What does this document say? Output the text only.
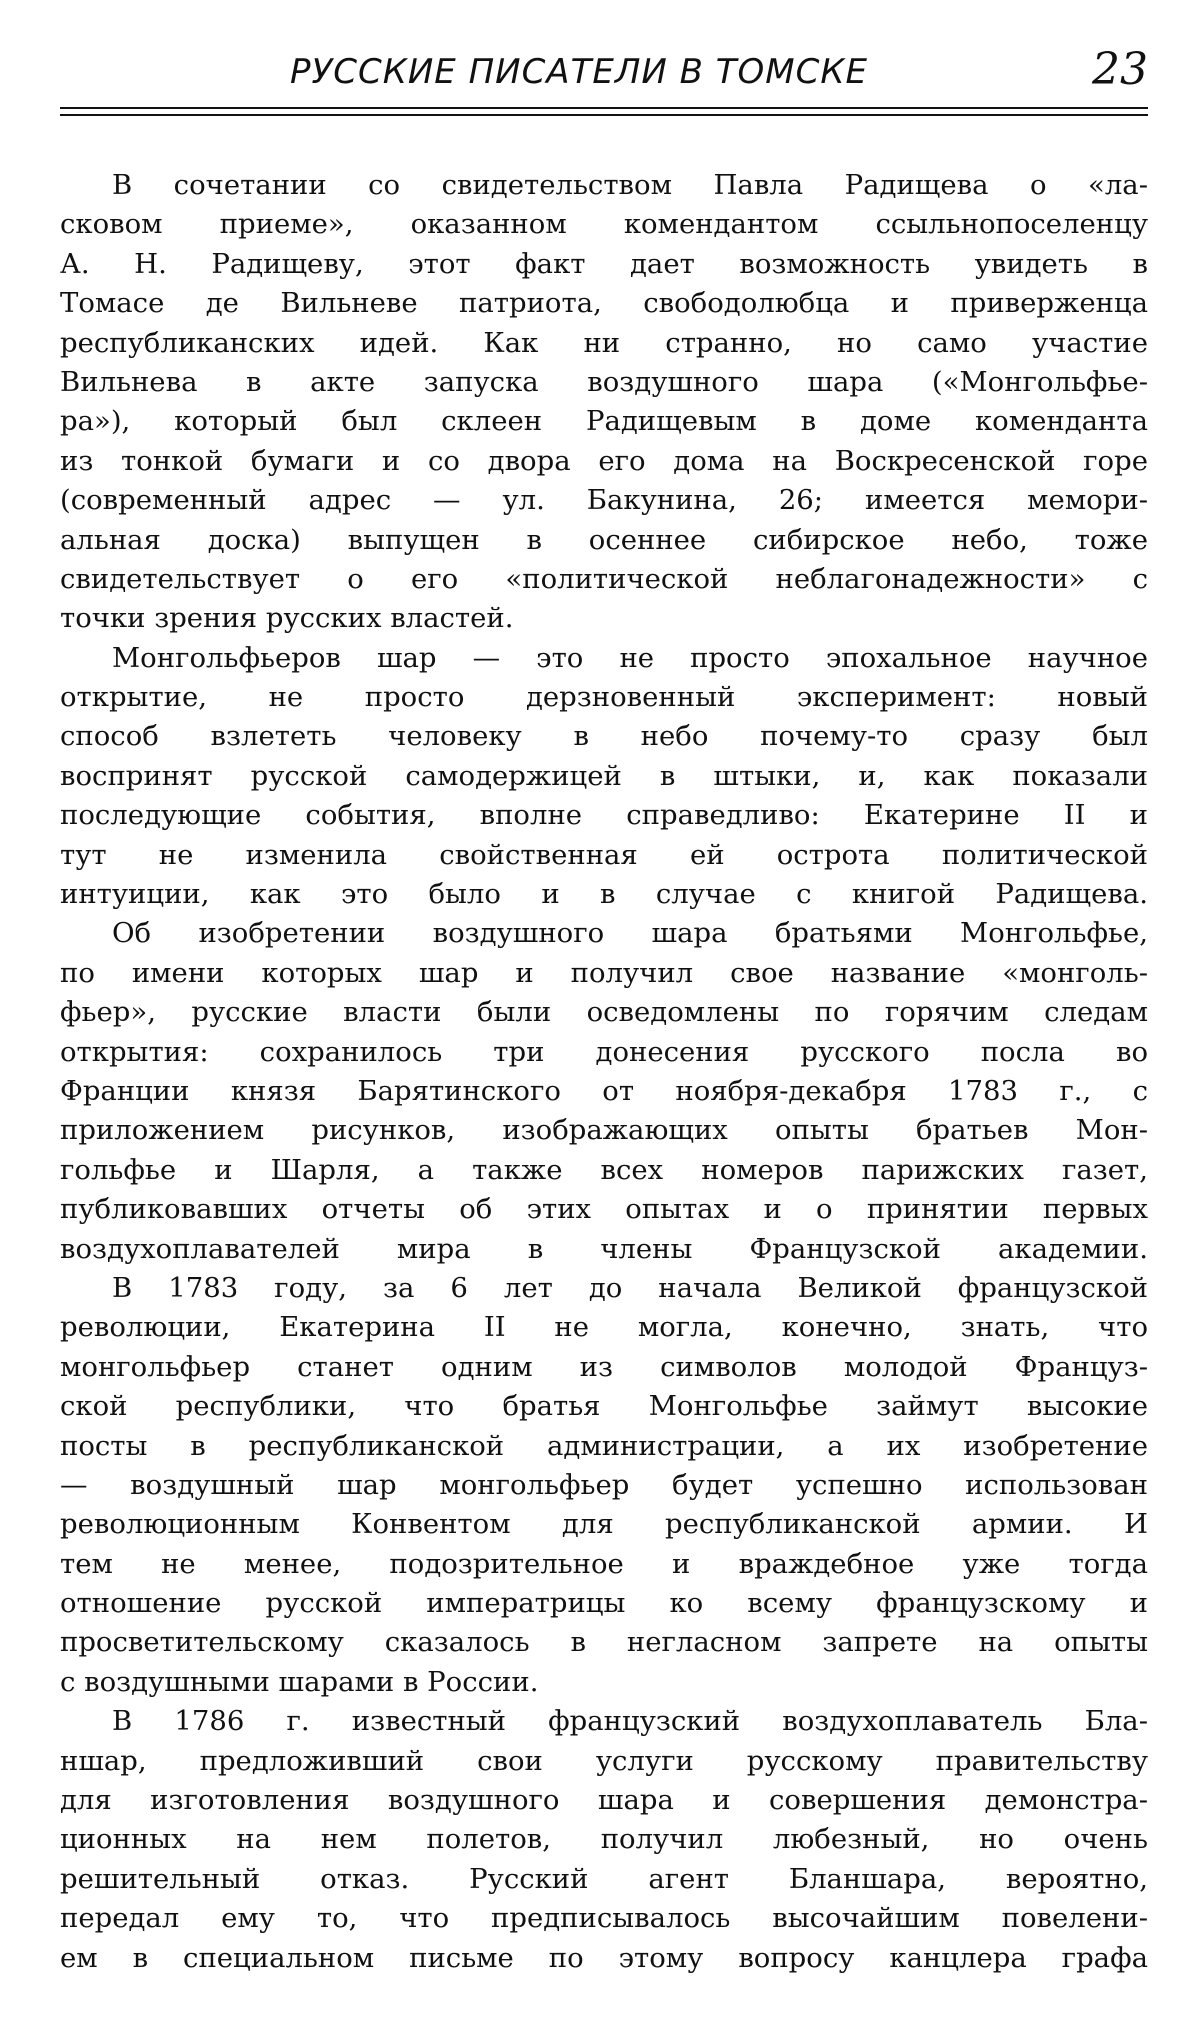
РУССКИЕ ПИСАТЕЛИ В ТОМСКЕ	23
В сочетании со свидетельством Павла Радищева о «ла-
сковом приеме», оказанном комендантом ссыльнопоселенцу
А. Н. Радищеву, этот факт дает возможность увидеть в
Томасе де Вильневе патриота, свободолюбца и приверженца
республиканских идей. Как ни странно, но само участие
Вильнева в акте запуска воздушного шара («Монгольфье-
ра»), который был склеен Радищевым в доме коменданта
из тонкой бумаги и со двора его дома на Воскресенской горе
(современный адрес — ул. Бакунина, 26; имеется мемори-
альная доска) выпущен в осеннее сибирское небо, тоже
свидетельствует о его «политической неблагонадежности» с
точки зрения русских властей.
Монгольфьеров шар — это не просто эпохальное научное
открытие, не просто дерзновенный эксперимент: новый
способ взлететь человеку в небо почему-то сразу был
воспринят русской самодержицей в штыки, и, как показали
последующие события, вполне справедливо: Екатерине II и
тут не изменила свойственная ей острота политической
интуиции, как это было и в случае с книгой Радищева.
Об изобретении воздушного шара братьями Монгольфье,
по имени которых шар и получил свое название «монголь-
фьер», русские власти были осведомлены по горячим следам
открытия: сохранилось три донесения русского посла во
Франции князя Барятинского от ноября-декабря 1783 г., с
приложением рисунков, изображающих опыты братьев Мон-
гольфье и Шарля, а также всех номеров парижских газет,
публиковавших отчеты об этих опытах и о принятии первых
воздухоплавателей мира в члены Французской академии.
В 1783 году, за 6 лет до начала Великой французской
революции, Екатерина II не могла, конечно, знать, что
монгольфьер станет одним из символов молодой Француз-
ской республики, что братья Монгольфье займут высокие
посты в республиканской администрации, а их изобретение
— воздушный шар монгольфьер будет успешно использован
революционным Конвентом для республиканской армии. И
тем не менее, подозрительное и враждебное уже тогда
отношение русской императрицы ко всему французскому и
просветительскому сказалось в негласном запрете на опыты
с воздушными шарами в России.
В 1786 г. известный французский воздухоплаватель Бла-
ншар, предложивший свои услуги русскому правительству
для изготовления воздушного шара и совершения демонстра-
ционных на нем полетов, получил любезный, но очень
решительный отказ. Русский агент Бланшара, вероятно,
передал ему то, что предписывалось высочайшим повелени-
ем в специальном письме по этому вопросу канцлера графа
